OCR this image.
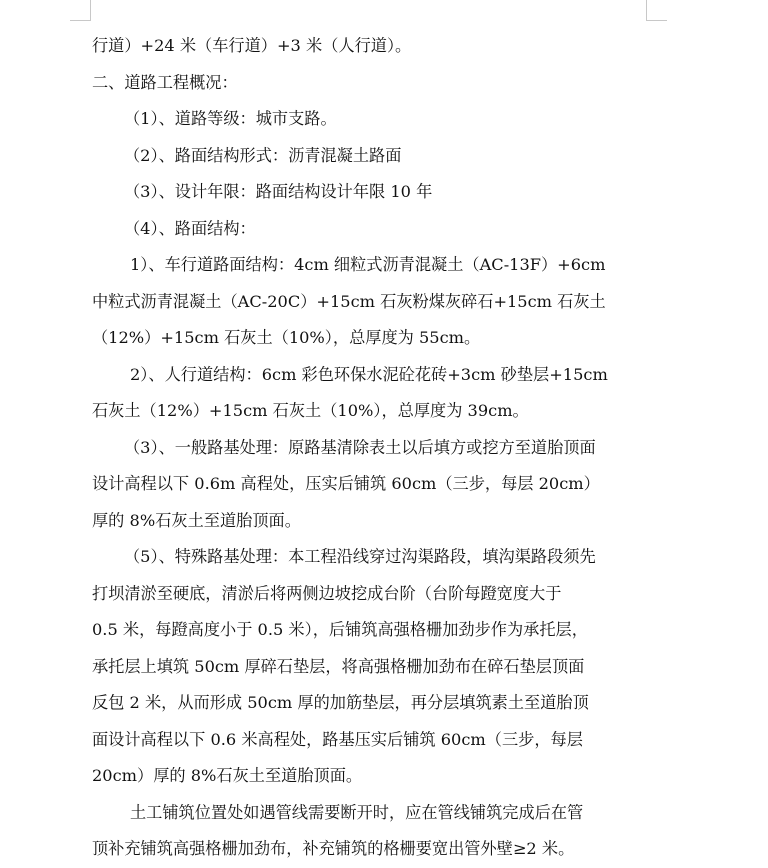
行道）+24 米（车行道）+3 米（人行道）。
二、道路工程概况：
（1）、道路等级：城市支路。
（2）、路面结构形式：沥青混凝土路面
（3）、设计年限：路面结构设计年限 10 年
（4）、路面结构：
1）、车行道路面结构：4cm 细粒式沥青混凝土（AC-13F）+6cm
中粒式沥青混凝土（AC-20C）+15cm 石灰粉煤灰碎石+15cm 石灰土
（12%）+15cm 石灰土（10%），总厚度为 55cm。
2）、人行道结构：6cm 彩色环保水泥砼花砖+3cm 砂垫层+15cm
石灰土（12%）+15cm 石灰土（10%），总厚度为 39cm。
（3）、一般路基处理：原路基清除表土以后填方或挖方至道胎顶面
设计高程以下 0.6m 高程处，压实后铺筑 60cm（三步，每层 20cm）
厚的 8%石灰土至道胎顶面。
（5）、特殊路基处理：本工程沿线穿过沟渠路段，填沟渠路段须先
打坝清淤至硬底，清淤后将两侧边坡挖成台阶（台阶每蹬宽度大于
0.5 米，每蹬高度小于 0.5 米），后铺筑高强格栅加劲步作为承托层，
承托层上填筑 50cm 厚碎石垫层，将高强格栅加劲布在碎石垫层顶面
反包 2 米，从而形成 50cm 厚的加筋垫层，再分层填筑素土至道胎顶
面设计高程以下 0.6 米高程处，路基压实后铺筑 60cm（三步，每层
20cm）厚的 8%石灰土至道胎顶面。
土工铺筑位置处如遇管线需要断开时，应在管线铺筑完成后在管
顶补充铺筑高强格栅加劲布，补充铺筑的格栅要宽出管外壁≥2 米。
